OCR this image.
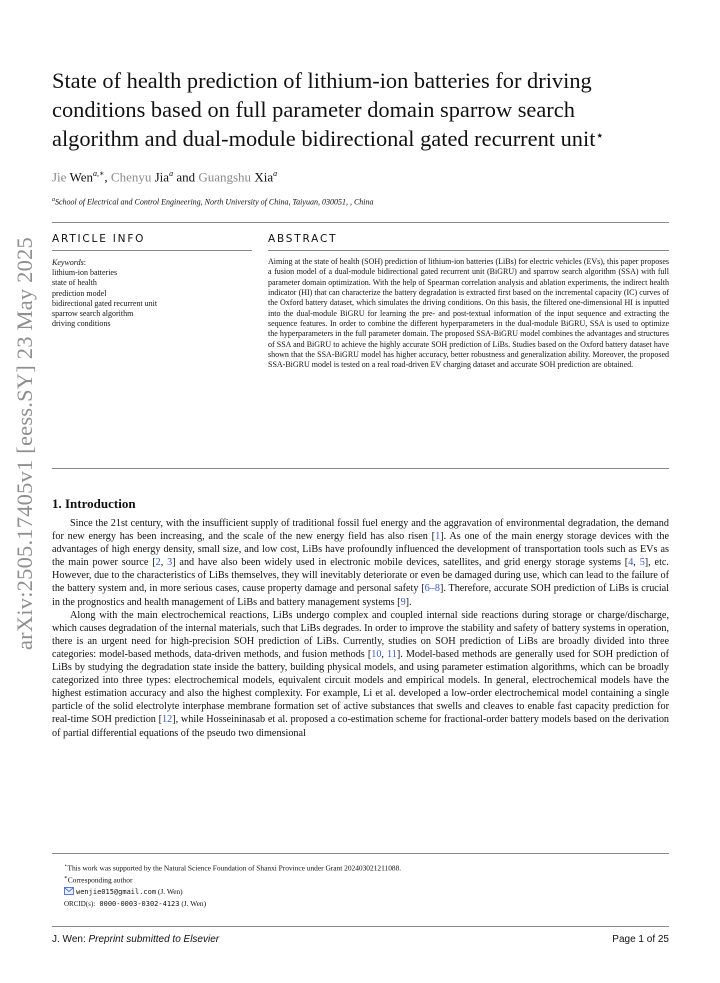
arXiv:2505.17405v1 [eess.SY] 23 May 2025
State of health prediction of lithium-ion batteries for driving conditions based on full parameter domain sparrow search algorithm and dual-module bidirectional gated recurrent unit⋆
Jie Wen$^{a,∗}$, Chenyu Jia$^a$ and Guangshu Xia$^a$
$^a$School of Electrical and Control Engineering, North University of China, Taiyuan, 030051, , China
ARTICLE INFO	ABSTRACT
Keywords:
lithium-ion batteries
state of health
prediction model
bidirectional gated recurrent unit
sparrow search algorithm
driving conditions

Aiming at the state of health (SOH) prediction of lithium-ion batteries (LiBs) for electric vehicles (EVs), this paper proposes a fusion model of a dual-module bidirectional gated recurrent unit (BiGRU) and sparrow search algorithm (SSA) with full parameter domain optimization. With the help of Spearman correlation analysis and ablation experiments, the indirect health indicator (HI) that can characterize the battery degradation is extracted first based on the incremental capacity (IC) curves of the Oxford battery dataset, which simulates the driving conditions. On this basis, the filtered one-dimensional HI is inputted into the dual-module BiGRU for learning the pre- and post-textual information of the input sequence and extracting the sequence features. In order to combine the different hyperparameters in the dual-module BiGRU, SSA is used to optimize the hyperparameters in the full parameter domain. The proposed SSA-BiGRU model combines the advantages and structures of SSA and BiGRU to achieve the highly accurate SOH prediction of LiBs. Studies based on the Oxford battery dataset have shown that the SSA-BiGRU model has higher accuracy, better robustness and generalization ability. Moreover, the proposed SSA-BiGRU model is tested on a real road-driven EV charging dataset and accurate SOH prediction are obtained.

1. Introduction

Since the 21st century, with the insufficient supply of traditional fossil fuel energy and the aggravation of environmental degradation, the demand for new energy has been increasing, and the scale of the new energy field has also risen [1]. As one of the main energy storage devices with the advantages of high energy density, small size, and low cost, LiBs have profoundly influenced the development of transportation tools such as EVs as the main power source [2, 3] and have also been widely used in electronic mobile devices, satellites, and grid energy storage systems [4, 5], etc. However, due to the characteristics of LiBs themselves, they will inevitably deteriorate or even be damaged during use, which can lead to the failure of the battery system and, in more serious cases, cause property damage and personal safety [6–8]. Therefore, accurate SOH prediction of LiBs is crucial in the prognostics and health management of LiBs and battery management systems [9].

Along with the main electrochemical reactions, LiBs undergo complex and coupled internal side reactions during storage or charge/discharge, which causes degradation of the internal materials, such that LiBs degrades. In order to improve the stability and safety of battery systems in operation, there is an urgent need for high-precision SOH prediction of LiBs. Currently, studies on SOH prediction of LiBs are broadly divided into three categories: model-based methods, data-driven methods, and fusion methods [10, 11]. Model-based methods are generally used for SOH prediction of LiBs by studying the degradation state inside the battery, building physical models, and using parameter estimation algorithms, which can be broadly categorized into three types: electrochemical models, equivalent circuit models and empirical models. In general, electrochemical models have the highest estimation accuracy and also the highest complexity. For example, Li et al. developed a low-order electrochemical model containing a single particle of the solid electrolyte interphase membrane formation set of active substances that swells and cleaves to enable fast capacity prediction for real-time SOH prediction [12], while Hosseininasab et al. proposed a co-estimation scheme for fractional-order battery models based on the derivation of partial differential equations of the pseudo two dimensional

⋆This work was supported by the Natural Science Foundation of Shanxi Province under Grant 202403021211088.
∗Corresponding author
wenjie015@gmail.com (J. Wen)
ORCID(s): 0000-0003-0302-4123 (J. Wen)
J. Wen: Preprint submitted to Elsevier	Page 1 of 25
